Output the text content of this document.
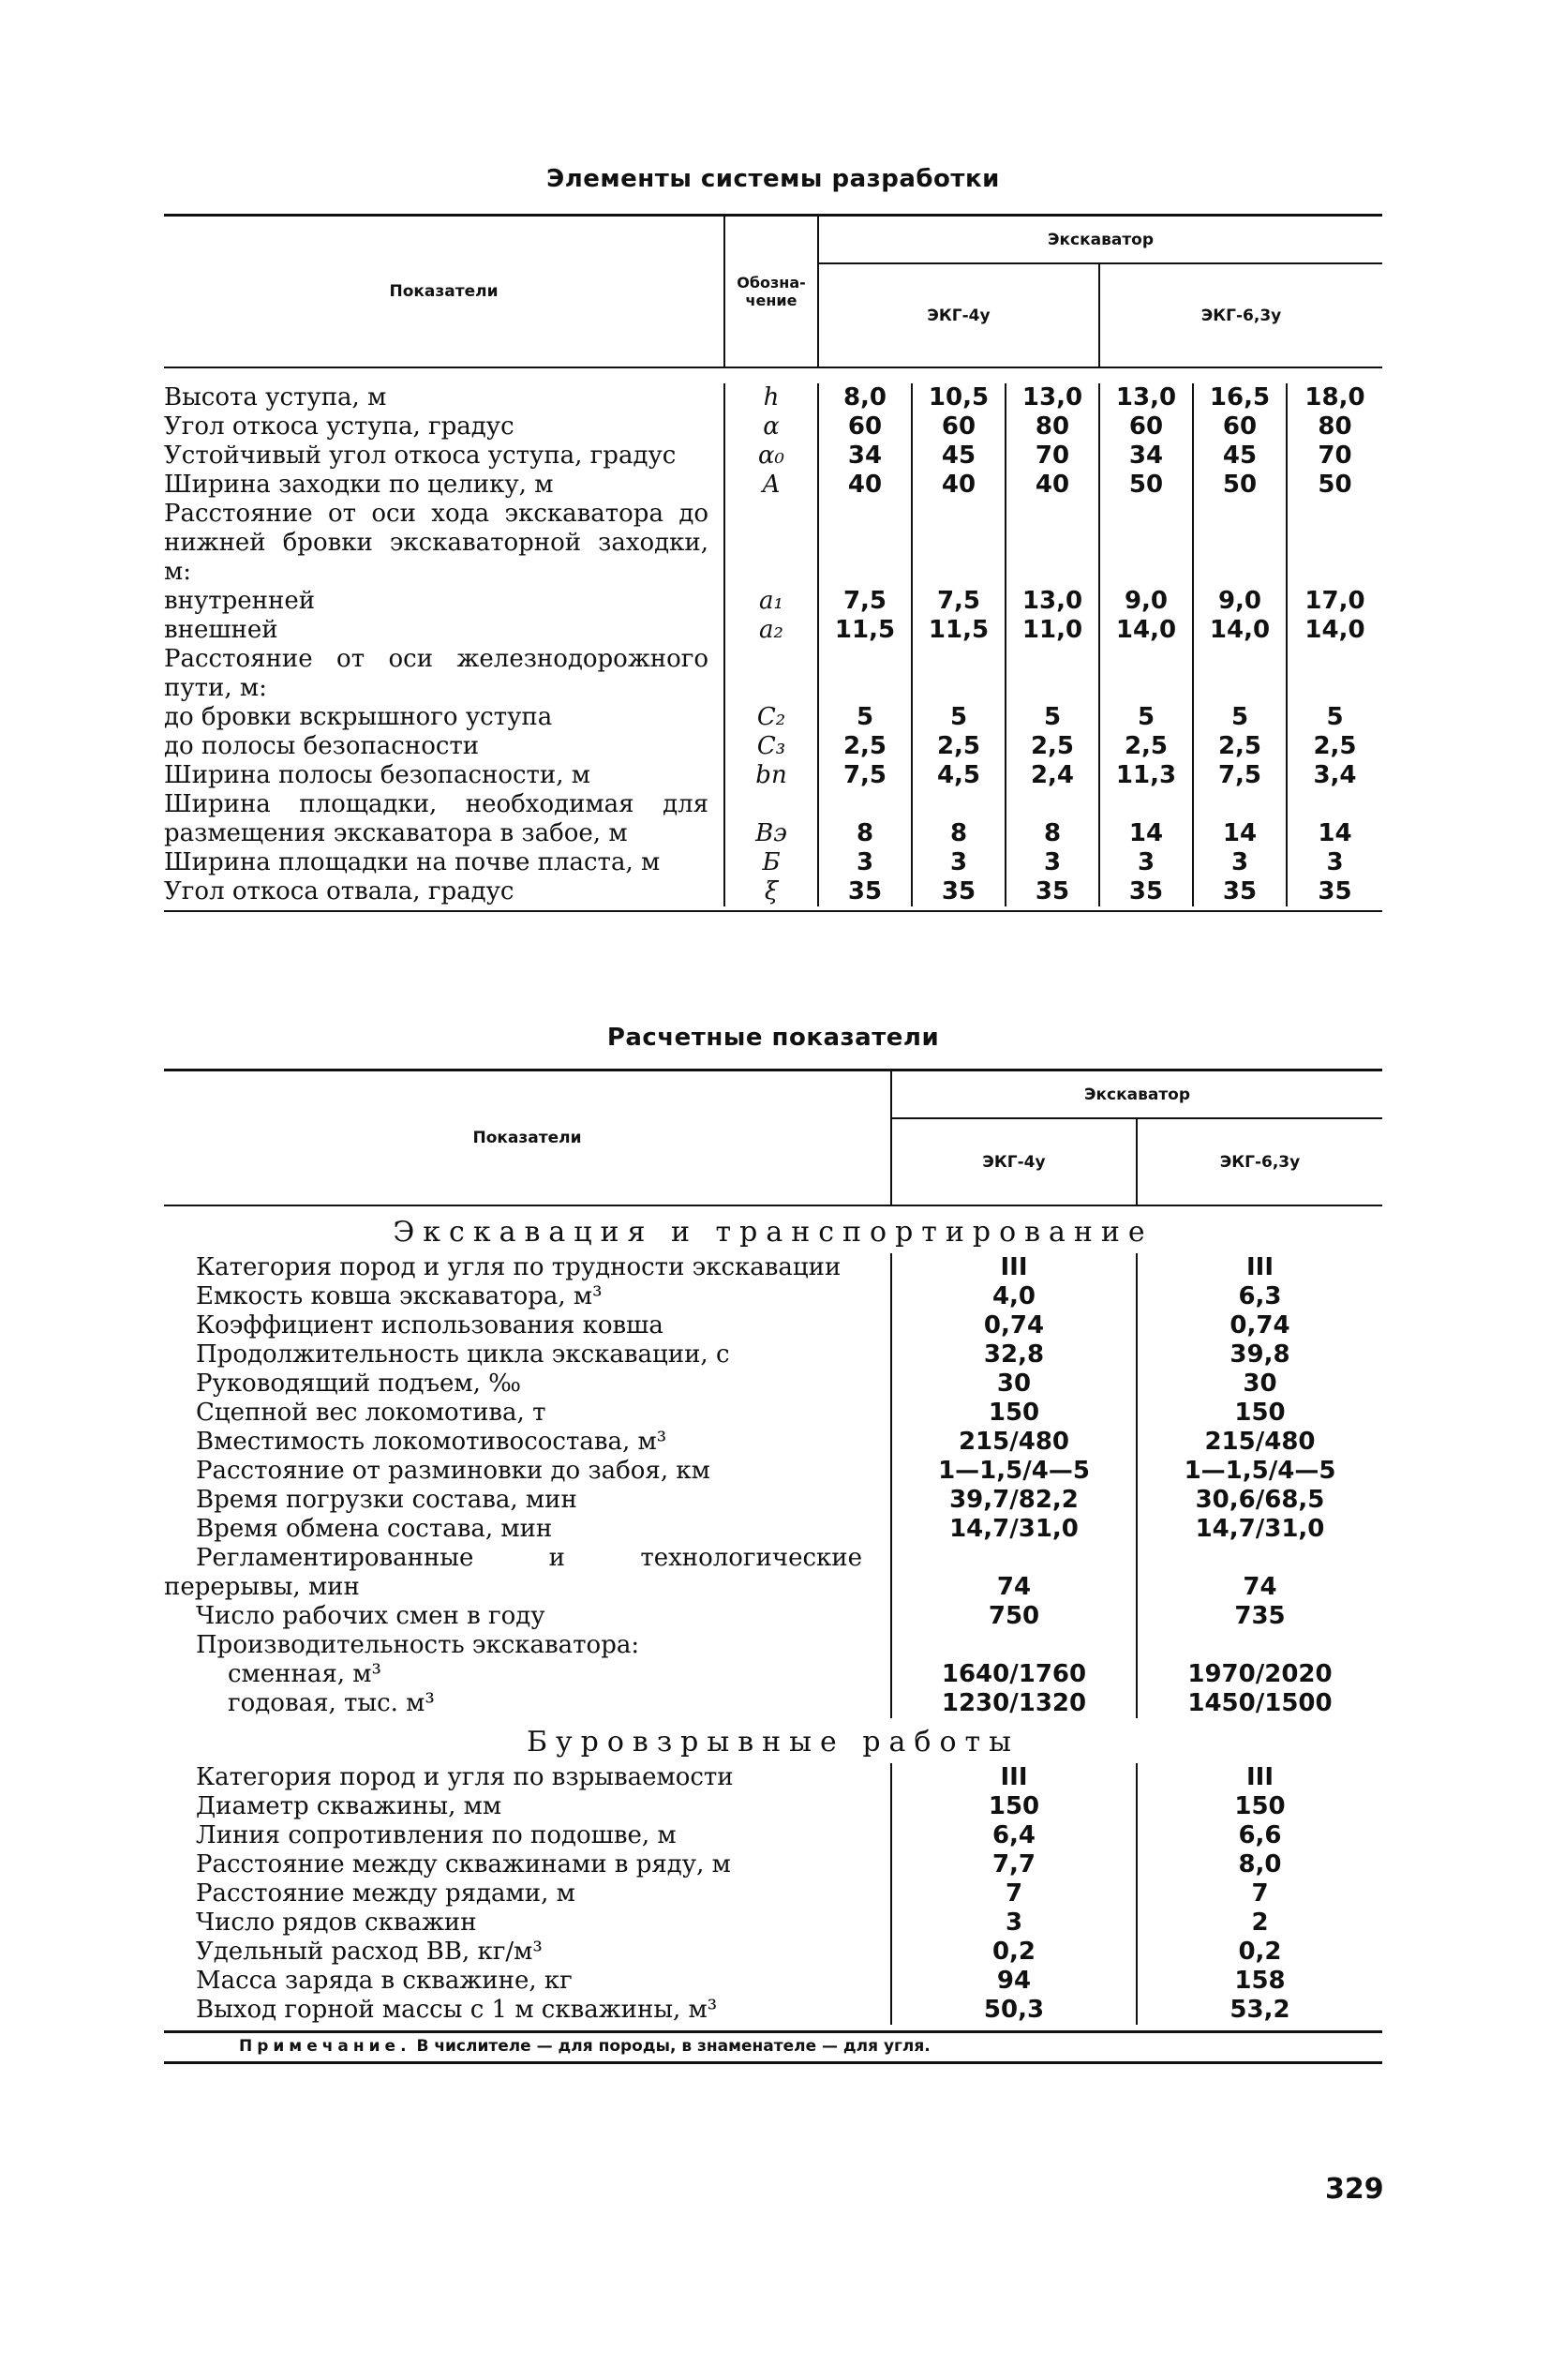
Элементы системы разработки
Показатели	Обозна-чение	Экскаватор	
		ЭКГ-4у	ЭКГ-6,3у
Высота уступа, м	h	8,0	10,5	13,0	13,0	16,5	18,0
Угол откоса уступа, градус	α	60	60	80	60	60	80
Устойчивый угол откоса уступа, градус	α₀	34	45	70	34	45	70
Ширина заходки по целику, м	A	40	40	40	50	50	50
Расстояние от оси хода экскаватора до нижней бровки экскаваторной заходки, м:							
внутренней	a₁	7,5	7,5	13,0	9,0	9,0	17,0
внешней	a₂	11,5	11,5	11,0	14,0	14,0	14,0
Расстояние от оси железнодорожного пути, м:							
до бровки вскрышного уступа	C₂	5	5	5	5	5	5
до полосы безопасности	C₃	2,5	2,5	2,5	2,5	2,5	2,5
Ширина полосы безопасности, м	bп	7,5	4,5	2,4	11,3	7,5	3,4
Ширина площадки, необходимая для размещения экскаватора в забое, м	Bэ	8	8	8	14	14	14
Ширина площадки на почве пласта, м	Б	3	3	3	3	3	3
Угол откоса отвала, градус	ξ	35	35	35	35	35	35
Расчетные показатели
Показатели	Экскаватор	
	ЭКГ-4у	ЭКГ-6,3у
Экскавация и транспортирование
Категория пород и угля по трудности экскавации	III	III
Емкость ковша экскаватора, м³	4,0	6,3
Коэффициент использования ковша	0,74	0,74
Продолжительность цикла экскавации, с	32,8	39,8
Руководящий подъем, ‰	30	30
Сцепной вес локомотива, т	150	150
Вместимость локомотивосостава, м³	215/480	215/480
Расстояние от разминовки до забоя, км	1—1,5/4—5	1—1,5/4—5
Время погрузки состава, мин	39,7/82,2	30,6/68,5
Время обмена состава, мин	14,7/31,0	14,7/31,0
Регламентированные и технологические перерывы, мин	74	74
Число рабочих смен в году	750	735
Производительность экскаватора:		
сменная, м³	1640/1760	1970/2020
годовая, тыс. м³	1230/1320	1450/1500
Буровзрывные работы
Категория пород и угля по взрываемости	III	III
Диаметр скважины, мм	150	150
Линия сопротивления по подошве, м	6,4	6,6
Расстояние между скважинами в ряду, м	7,7	8,0
Расстояние между рядами, м	7	7
Число рядов скважин	3	2
Удельный расход ВВ, кг/м³	0,2	0,2
Масса заряда в скважине, кг	94	158
Выход горной массы с 1 м скважины, м³	50,3	53,2
Примечание. В числителе — для породы, в знаменателе — для угля.
329
